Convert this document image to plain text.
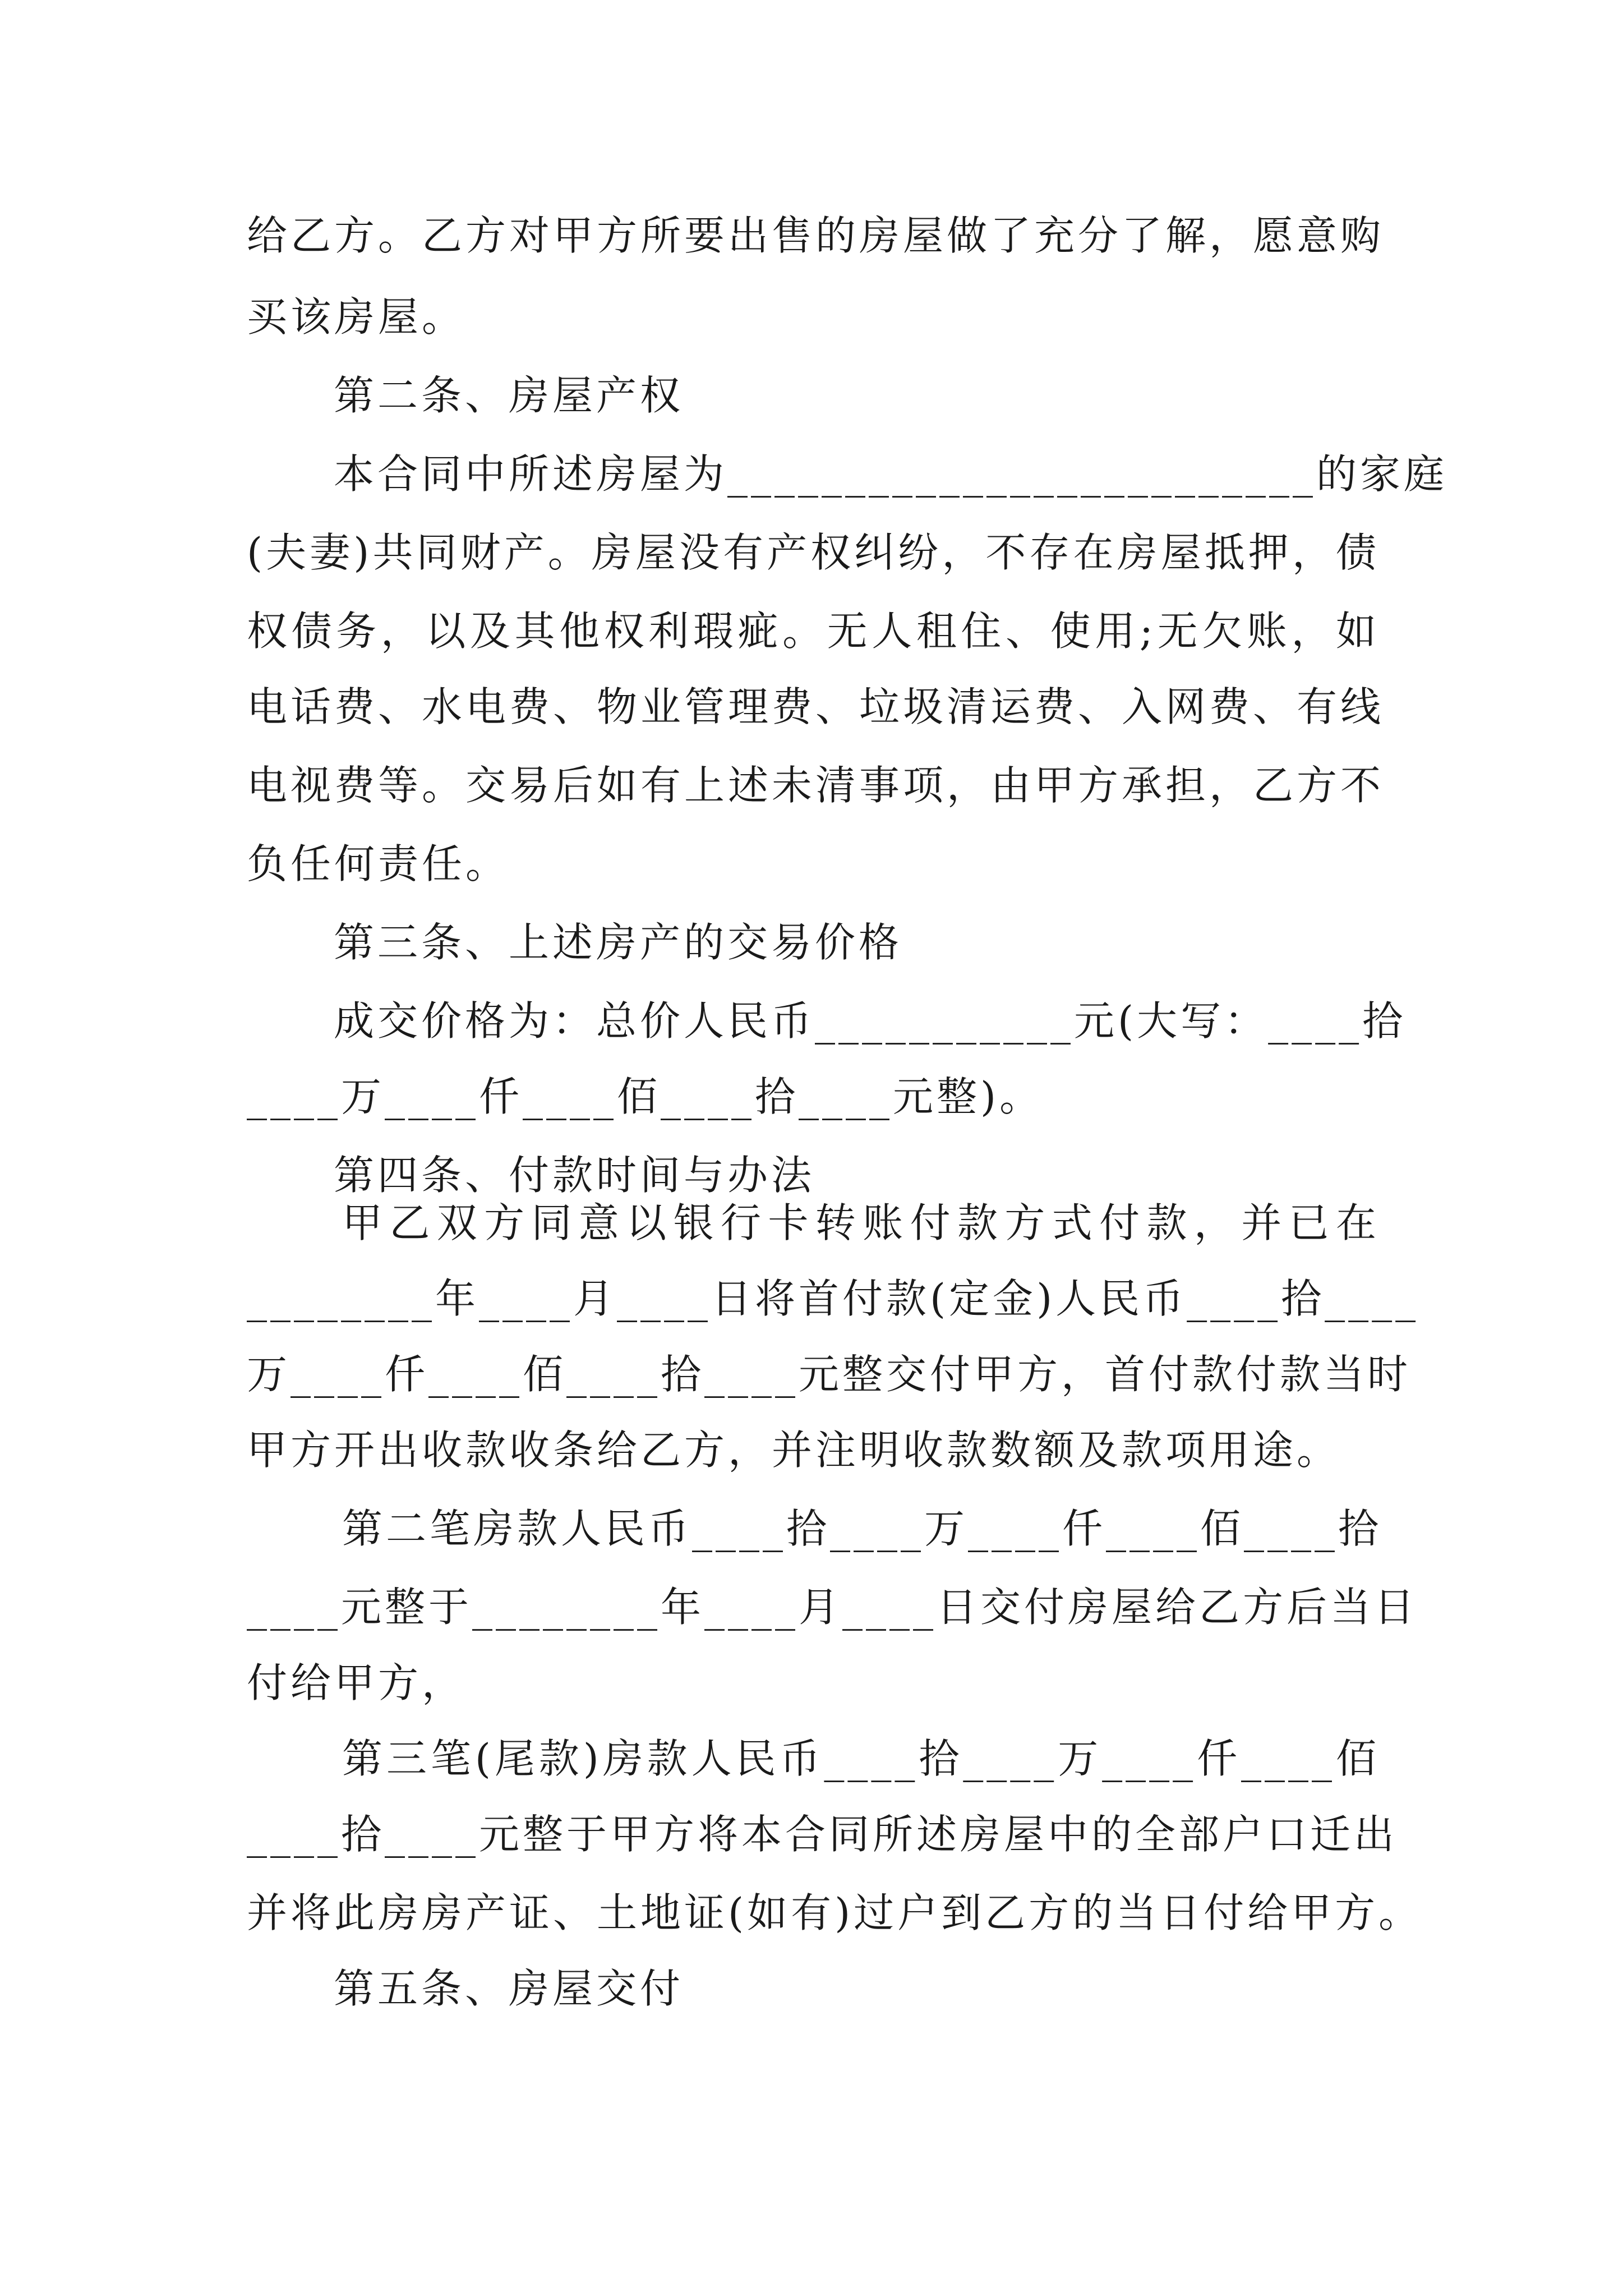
给乙方。乙方对甲方所要出售的房屋做了充分了解，愿意购
买该房屋。
第二条、房屋产权
本合同中所述房屋为_________________________的家庭
(夫妻)共同财产。房屋没有产权纠纷，不存在房屋抵押，债
权债务，以及其他权利瑕疵。无人租住、使用;无欠账，如
电话费、水电费、物业管理费、垃圾清运费、入网费、有线
电视费等。交易后如有上述未清事项，由甲方承担，乙方不
负任何责任。
第三条、上述房产的交易价格
成交价格为：总价人民币___________元(大写：____拾
____万____仟____佰____拾____元整)。
第四条、付款时间与办法
甲乙双方同意以银行卡转账付款方式付款，并已在
________年____月____日将首付款(定金)人民币____拾____
万____仟____佰____拾____元整交付甲方，首付款付款当时
甲方开出收款收条给乙方，并注明收款数额及款项用途。
第二笔房款人民币____拾____万____仟____佰____拾
____元整于________年____月____日交付房屋给乙方后当日
付给甲方，
第三笔(尾款)房款人民币____拾____万____仟____佰
____拾____元整于甲方将本合同所述房屋中的全部户口迁出
并将此房房产证、土地证(如有)过户到乙方的当日付给甲方。
第五条、房屋交付
